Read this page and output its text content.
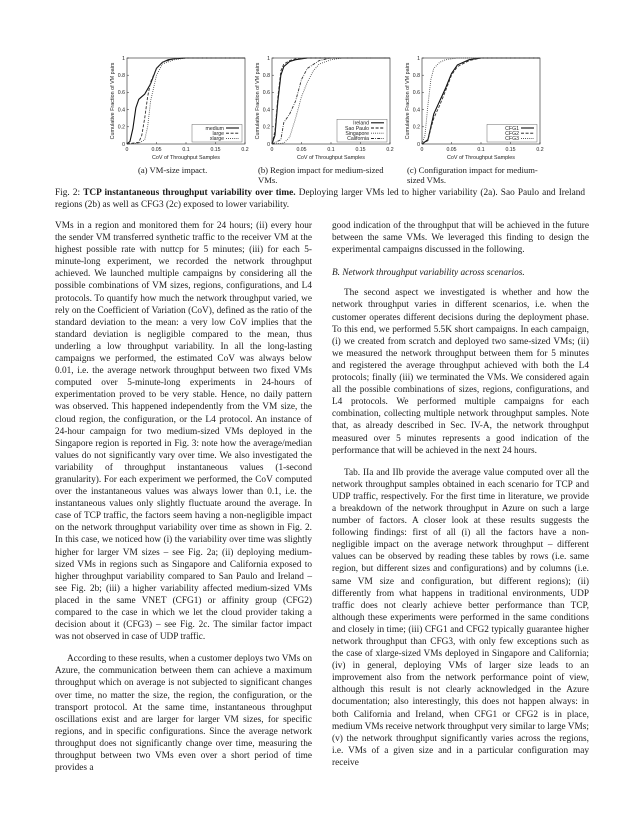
0
0.2
0.4
0.6
0.8
1
0	0.05	0.1	0.15	0.2
CoV of Throughput Samples
Cumulative Fraction of VM pairs	medium
large
xlarge
0
0.2
0.4
0.6
0.8
1
0	0.05	0.1	0.15	0.2
CoV of Throughput Samples
Cumulative Fraction of VM pairs	Ireland
Sao Paulo
Singapore
California
0
0.2
0.4
0.6
0.8
1
0	0.05	0.1	0.15	0.2
CoV of Throughput Samples
Cumulative Fraction of VM pairs	CFG1
CFG2
CFG3
(a) VM-size impact.	(b) Region impact for medium-sized
VMs.
(c) Configuration impact for medium-
sized VMs.
Fig. 2: TCP instantaneous throughput variability over time. Deploying larger VMs led to higher variability (2a). Sao Paulo and Ireland regions (2b) as well as CFG3 (2c) exposed to lower variability.

VMs in a region and monitored them for 24 hours; (ii) every hour the sender VM transferred synthetic traffic to the receiver VM at the highest possible rate with nuttcp for 5 minutes; (iii) for each 5-minute-long experiment, we recorded the network throughput achieved. We launched multiple campaigns by considering all the possible combinations of VM sizes, regions, configurations, and L4 protocols. To quantify how much the network throughput varied, we rely on the Coefficient of Variation (CoV), defined as the ratio of the standard deviation to the mean: a very low CoV implies that the standard deviation is negligible compared to the mean, thus underling a low throughput variability. In all the long-lasting campaigns we performed, the estimated CoV was always below 0.01, i.e. the average network throughput between two fixed VMs computed over 5-minute-long experiments in 24-hours of experimentation proved to be very stable. Hence, no daily pattern was observed. This happened independently from the VM size, the cloud region, the configuration, or the L4 protocol. An instance of 24-hour campaign for two medium-sized VMs deployed in the Singapore region is reported in Fig. 3: note how the average/median values do not significantly vary over time. We also investigated the variability of throughput instantaneous values (1-second granularity). For each experiment we performed, the CoV computed over the instantaneous values was always lower than 0.1, i.e. the instantaneous values only slightly fluctuate around the average. In case of TCP traffic, the factors seem having a non-negligible impact on the network throughput variability over time as shown in Fig. 2. In this case, we noticed how (i) the variability over time was slightly higher for larger VM sizes – see Fig. 2a; (ii) deploying medium-sized VMs in regions such as Singapore and California exposed to higher throughput variability compared to San Paulo and Ireland – see Fig. 2b; (iii) a higher variability affected medium-sized VMs placed in the same VNET (CFG1) or affinity group (CFG2) compared to the case in which we let the cloud provider taking a decision about it (CFG3) – see Fig. 2c. The similar factor impact was not observed in case of UDP traffic.

According to these results, when a customer deploys two VMs on Azure, the communication between them can achieve a maximum throughput which on average is not subjected to significant changes over time, no matter the size, the region, the configuration, or the transport protocol. At the same time, instantaneous throughput oscillations exist and are larger for larger VM sizes, for specific regions, and in specific configurations. Since the average network throughput does not significantly change over time, measuring the throughput between two VMs even over a short period of time provides a

good indication of the throughput that will be achieved in the future between the same VMs. We leveraged this finding to design the experimental campaigns discussed in the following.

B. Network throughput variability across scenarios.

The second aspect we investigated is whether and how the network throughput varies in different scenarios, i.e. when the customer operates different decisions during the deployment phase. To this end, we performed 5.5K short campaigns. In each campaign, (i) we created from scratch and deployed two same-sized VMs; (ii) we measured the network throughput between them for 5 minutes and registered the average throughput achieved with both the L4 protocols; finally (iii) we terminated the VMs. We considered again all the possible combinations of sizes, regions, configurations, and L4 protocols. We performed multiple campaigns for each combination, collecting multiple network throughput samples. Note that, as already described in Sec. IV-A, the network throughput measured over 5 minutes represents a good indication of the performance that will be achieved in the next 24 hours.

Tab. IIa and IIb provide the average value computed over all the network throughput samples obtained in each scenario for TCP and UDP traffic, respectively. For the first time in literature, we provide a breakdown of the network throughput in Azure on such a large number of factors. A closer look at these results suggests the following findings: first of all (i) all the factors have a non-negligible impact on the average network throughput – different values can be observed by reading these tables by rows (i.e. same region, but different sizes and configurations) and by columns (i.e. same VM size and configuration, but different regions); (ii) differently from what happens in traditional environments, UDP traffic does not clearly achieve better performance than TCP, although these experiments were performed in the same conditions and closely in time; (iii) CFG1 and CFG2 typically guarantee higher network throughput than CFG3, with only few exceptions such as the case of xlarge-sized VMs deployed in Singapore and California; (iv) in general, deploying VMs of larger size leads to an improvement also from the network performance point of view, although this result is not clearly acknowledged in the Azure documentation; also interestingly, this does not happen always: in both California and Ireland, when CFG1 or CFG2 is in place, medium VMs receive network throughput very similar to large VMs; (v) the network throughput significantly varies across the regions, i.e. VMs of a given size and in a particular configuration may receive
